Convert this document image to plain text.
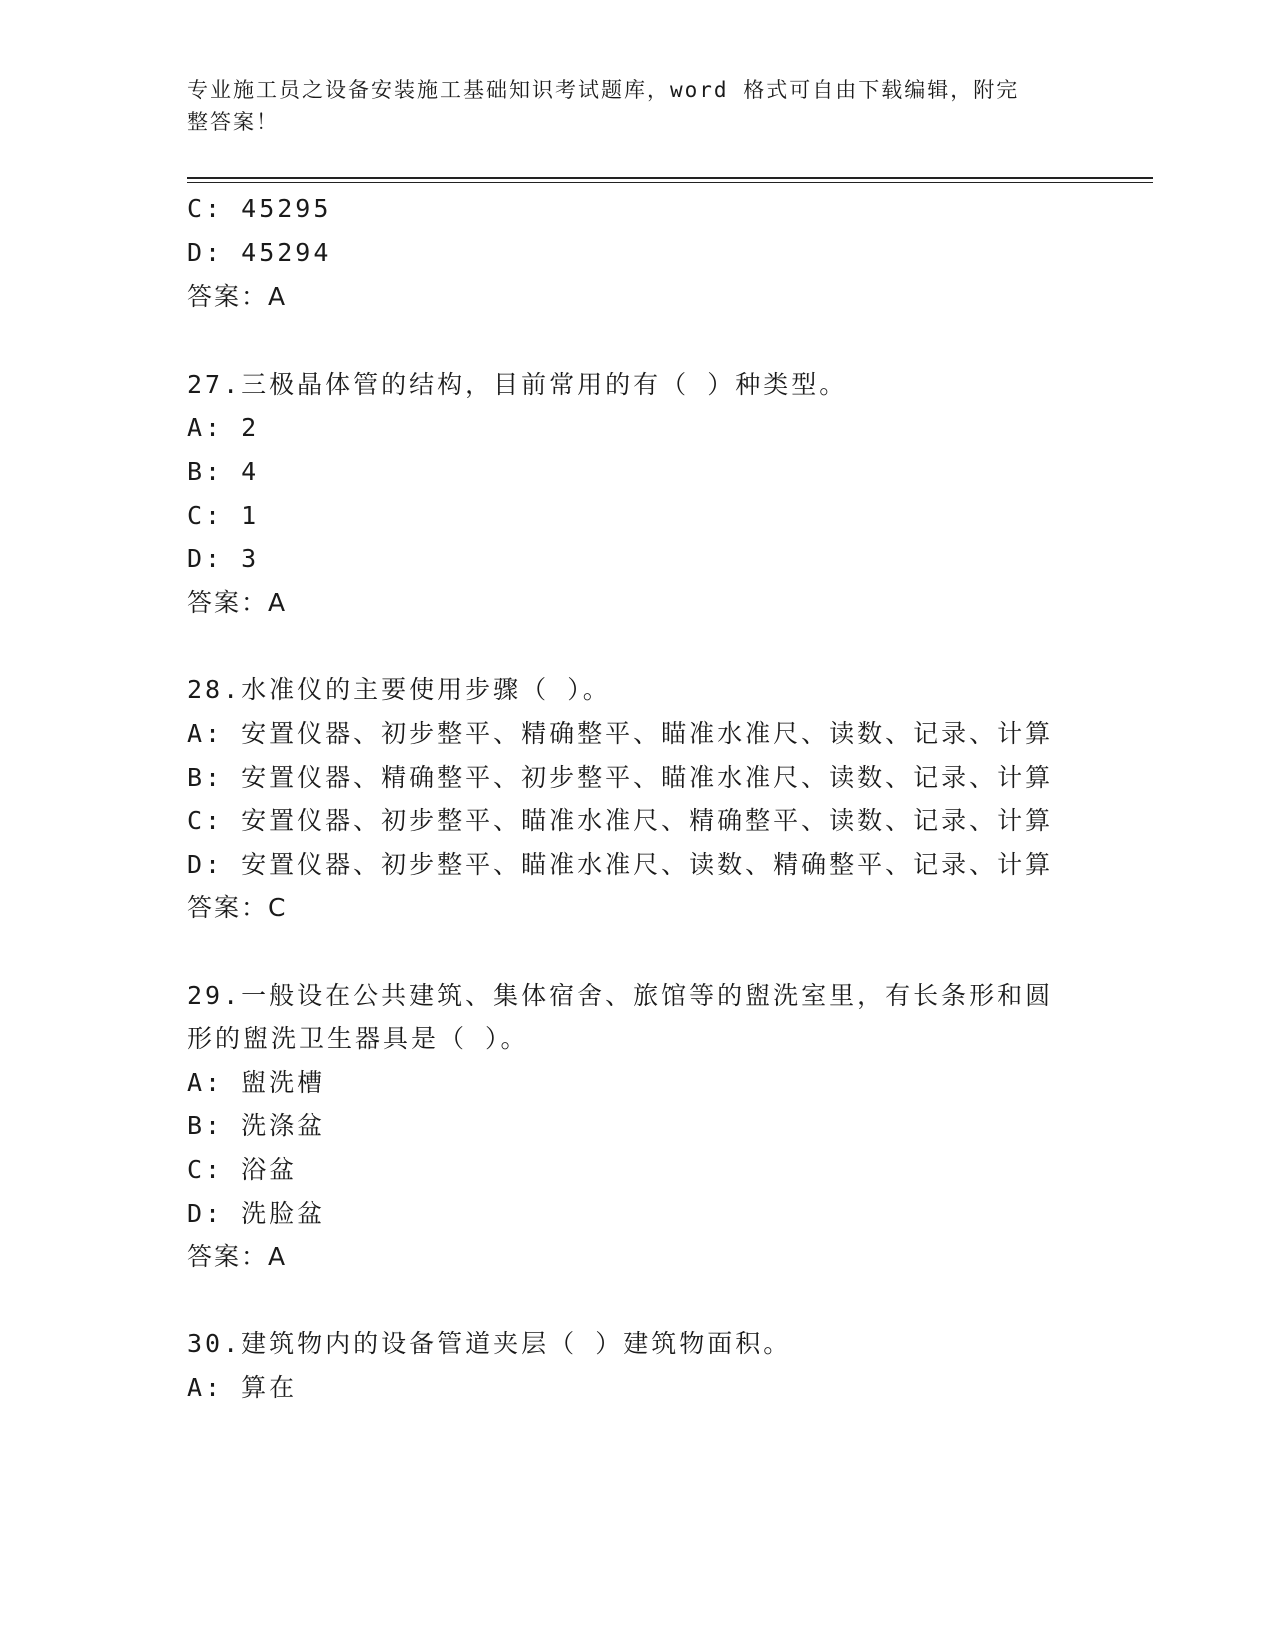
专业施工员之设备安装施工基础知识考试题库，word 格式可自由下载编辑，附完
整答案！
C: 45295
D: 45294
答案：A
27.三极晶体管的结构，目前常用的有（ ）种类型。
A: 2
B: 4
C: 1
D: 3
答案：A
28.水准仪的主要使用步骤（ ）。
A: 安置仪器、初步整平、精确整平、瞄准水准尺、读数、记录、计算
B: 安置仪器、精确整平、初步整平、瞄准水准尺、读数、记录、计算
C: 安置仪器、初步整平、瞄准水准尺、精确整平、读数、记录、计算
D: 安置仪器、初步整平、瞄准水准尺、读数、精确整平、记录、计算
答案：C
29.一般设在公共建筑、集体宿舍、旅馆等的盥洗室里，有长条形和圆
形的盥洗卫生器具是（ ）。
A: 盥洗槽
B: 洗涤盆
C: 浴盆
D: 洗脸盆
答案：A
30.建筑物内的设备管道夹层（ ）建筑物面积。
A: 算在
